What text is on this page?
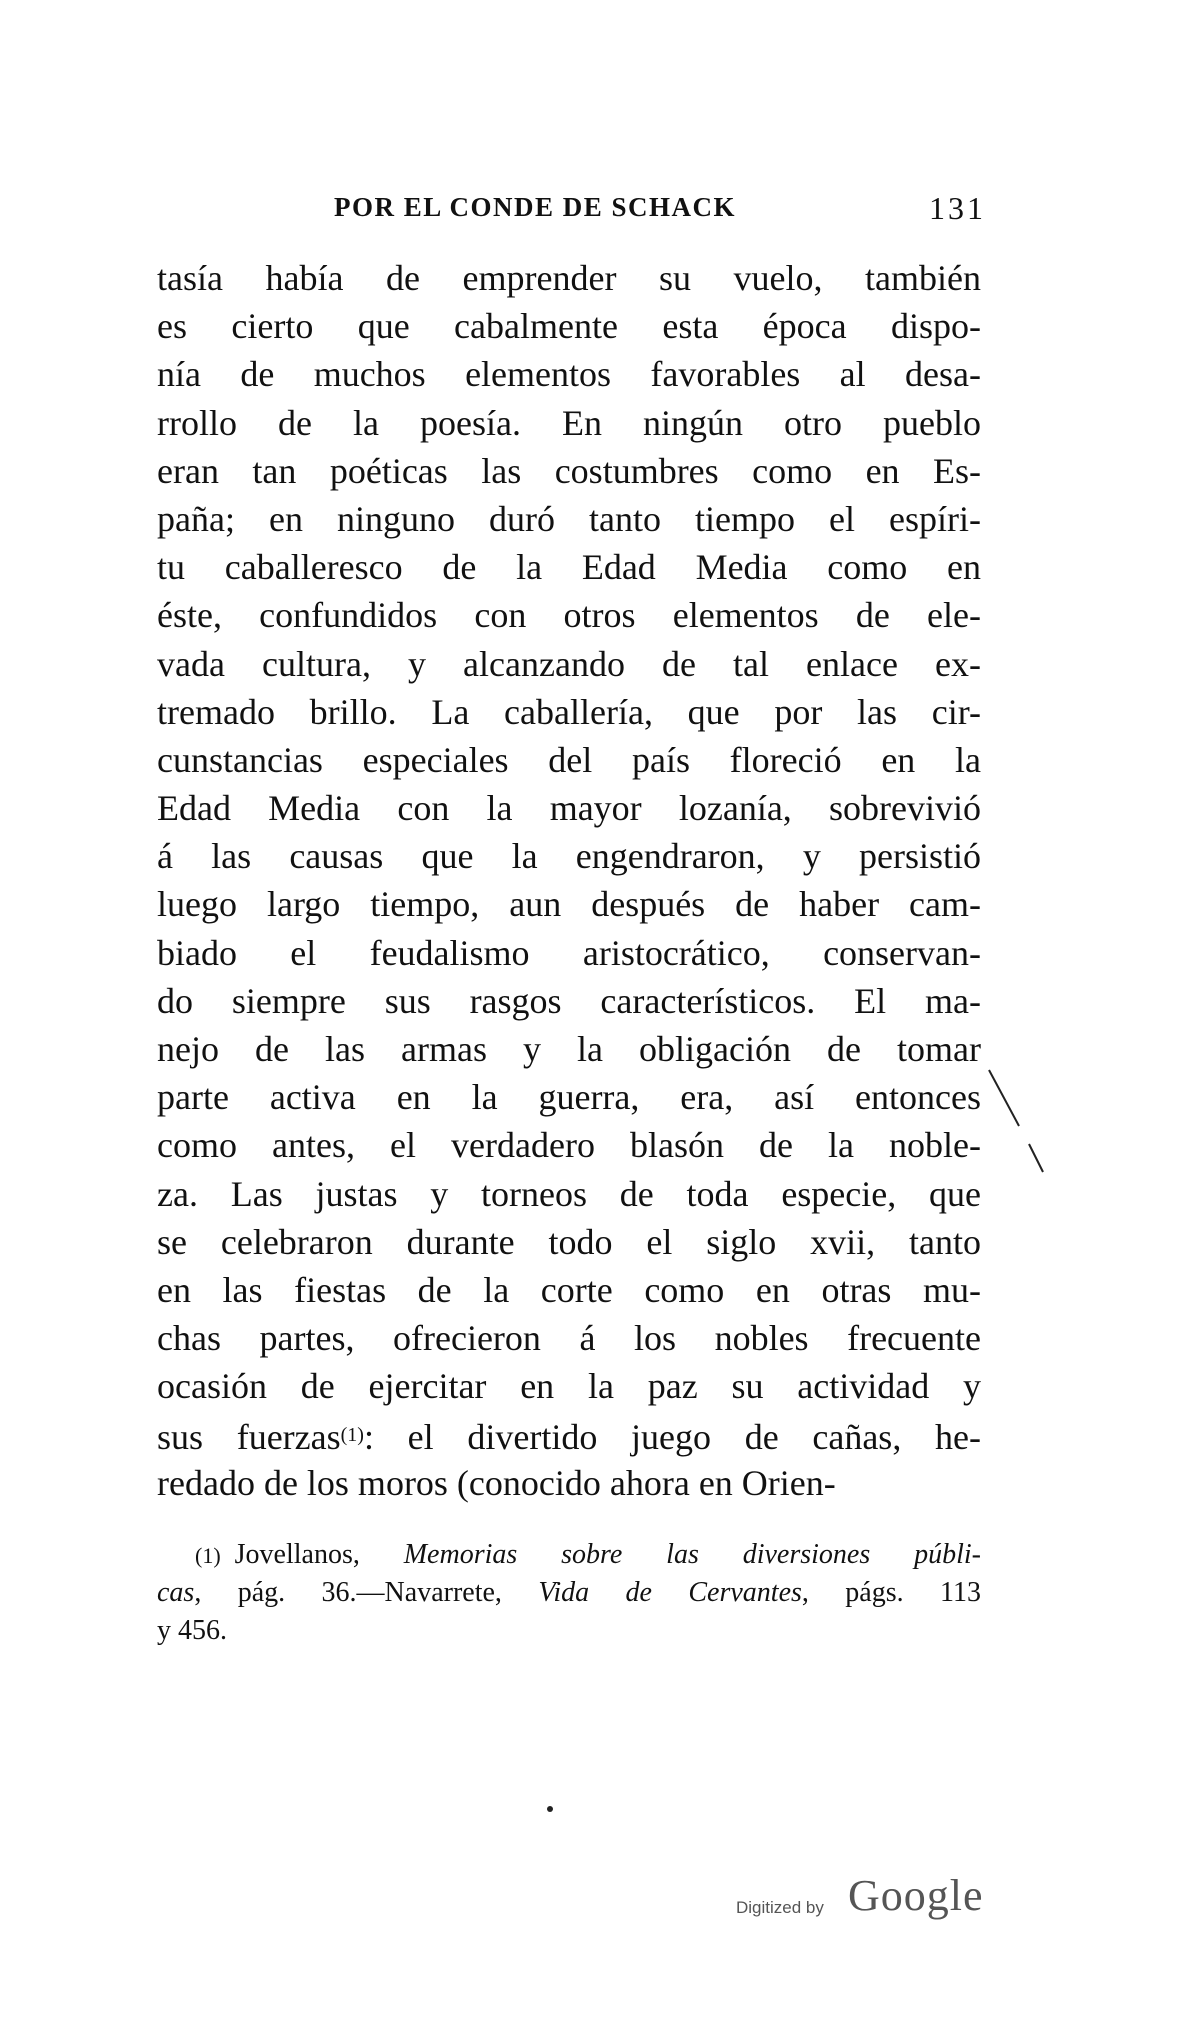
POR EL CONDE DE SCHACK	131
tasía había de emprender su vuelo, también
es cierto que cabalmente esta época dispo-
nía de muchos elementos favorables al desa-
rrollo de la poesía. En ningún otro pueblo
eran tan poéticas las costumbres como en Es-
paña; en ninguno duró tanto tiempo el espíri-
tu caballeresco de la Edad Media como en
éste, confundidos con otros elementos de ele-
vada cultura, y alcanzando de tal enlace ex-
tremado brillo. La caballería, que por las cir-
cunstancias especiales del país floreció en la
Edad Media con la mayor lozanía, sobrevivió
á las causas que la engendraron, y persistió
luego largo tiempo, aun después de haber cam-
biado el feudalismo aristocrático, conservan-
do siempre sus rasgos característicos. El ma-
nejo de las armas y la obligación de tomar
parte activa en la guerra, era, así entonces
como antes, el verdadero blasón de la noble-
za. Las justas y torneos de toda especie, que
se celebraron durante todo el siglo xvii, tanto
en las fiestas de la corte como en otras mu-
chas partes, ofrecieron á los nobles frecuente
ocasión de ejercitar en la paz su actividad y
sus fuerzas$^{(1)}$: el divertido juego de cañas, he-
redado de los moros (conocido ahora en Orien-
(1) Jovellanos, Memorias sobre las diversiones públi-
cas, pág. 36.—Navarrete, Vida de Cervantes, págs. 113
y 456.
Digitized by Google
